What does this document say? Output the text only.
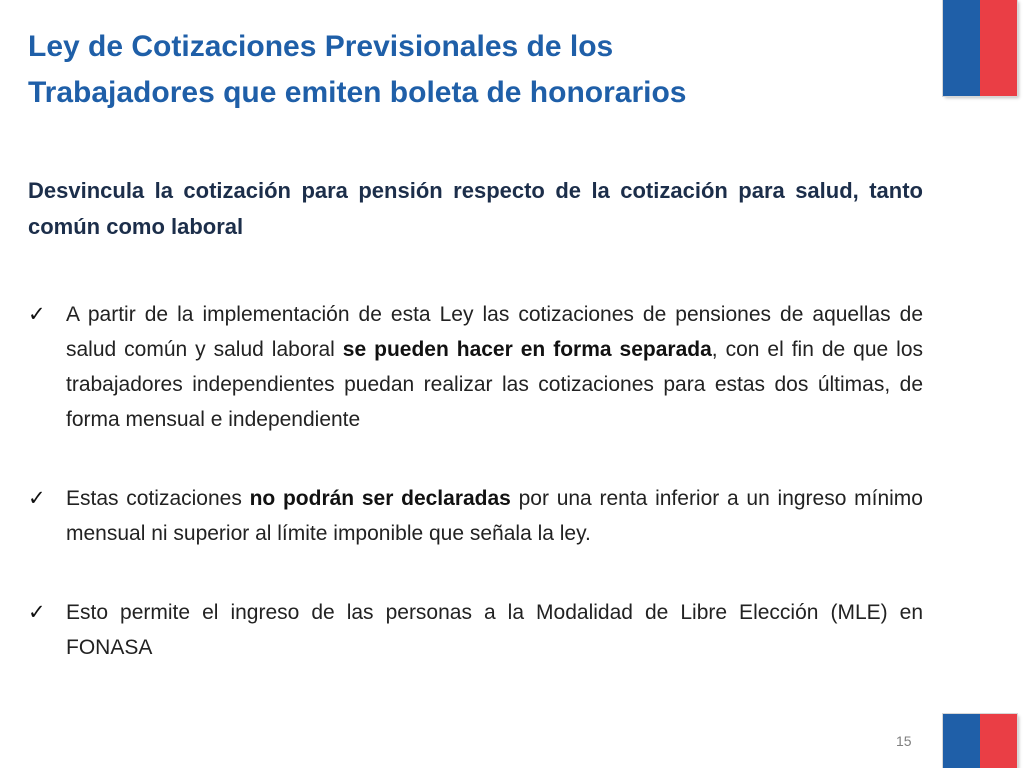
Ley de Cotizaciones Previsionales de los
Trabajadores que emiten boleta de honorarios

Desvincula la cotización para pensión respecto de la cotización para salud, tanto común como laboral

✓ A partir de la implementación de esta Ley las cotizaciones de pensiones de aquellas de salud común y salud laboral se pueden hacer en forma separada, con el fin de que los trabajadores independientes puedan realizar las cotizaciones para estas dos últimas, de forma mensual e independiente
✓ Estas cotizaciones no podrán ser declaradas por una renta inferior a un ingreso mínimo mensual ni superior al límite imponible que señala la ley.
✓ Esto permite el ingreso de las personas a la Modalidad de Libre Elección (MLE) en FONASA
15
